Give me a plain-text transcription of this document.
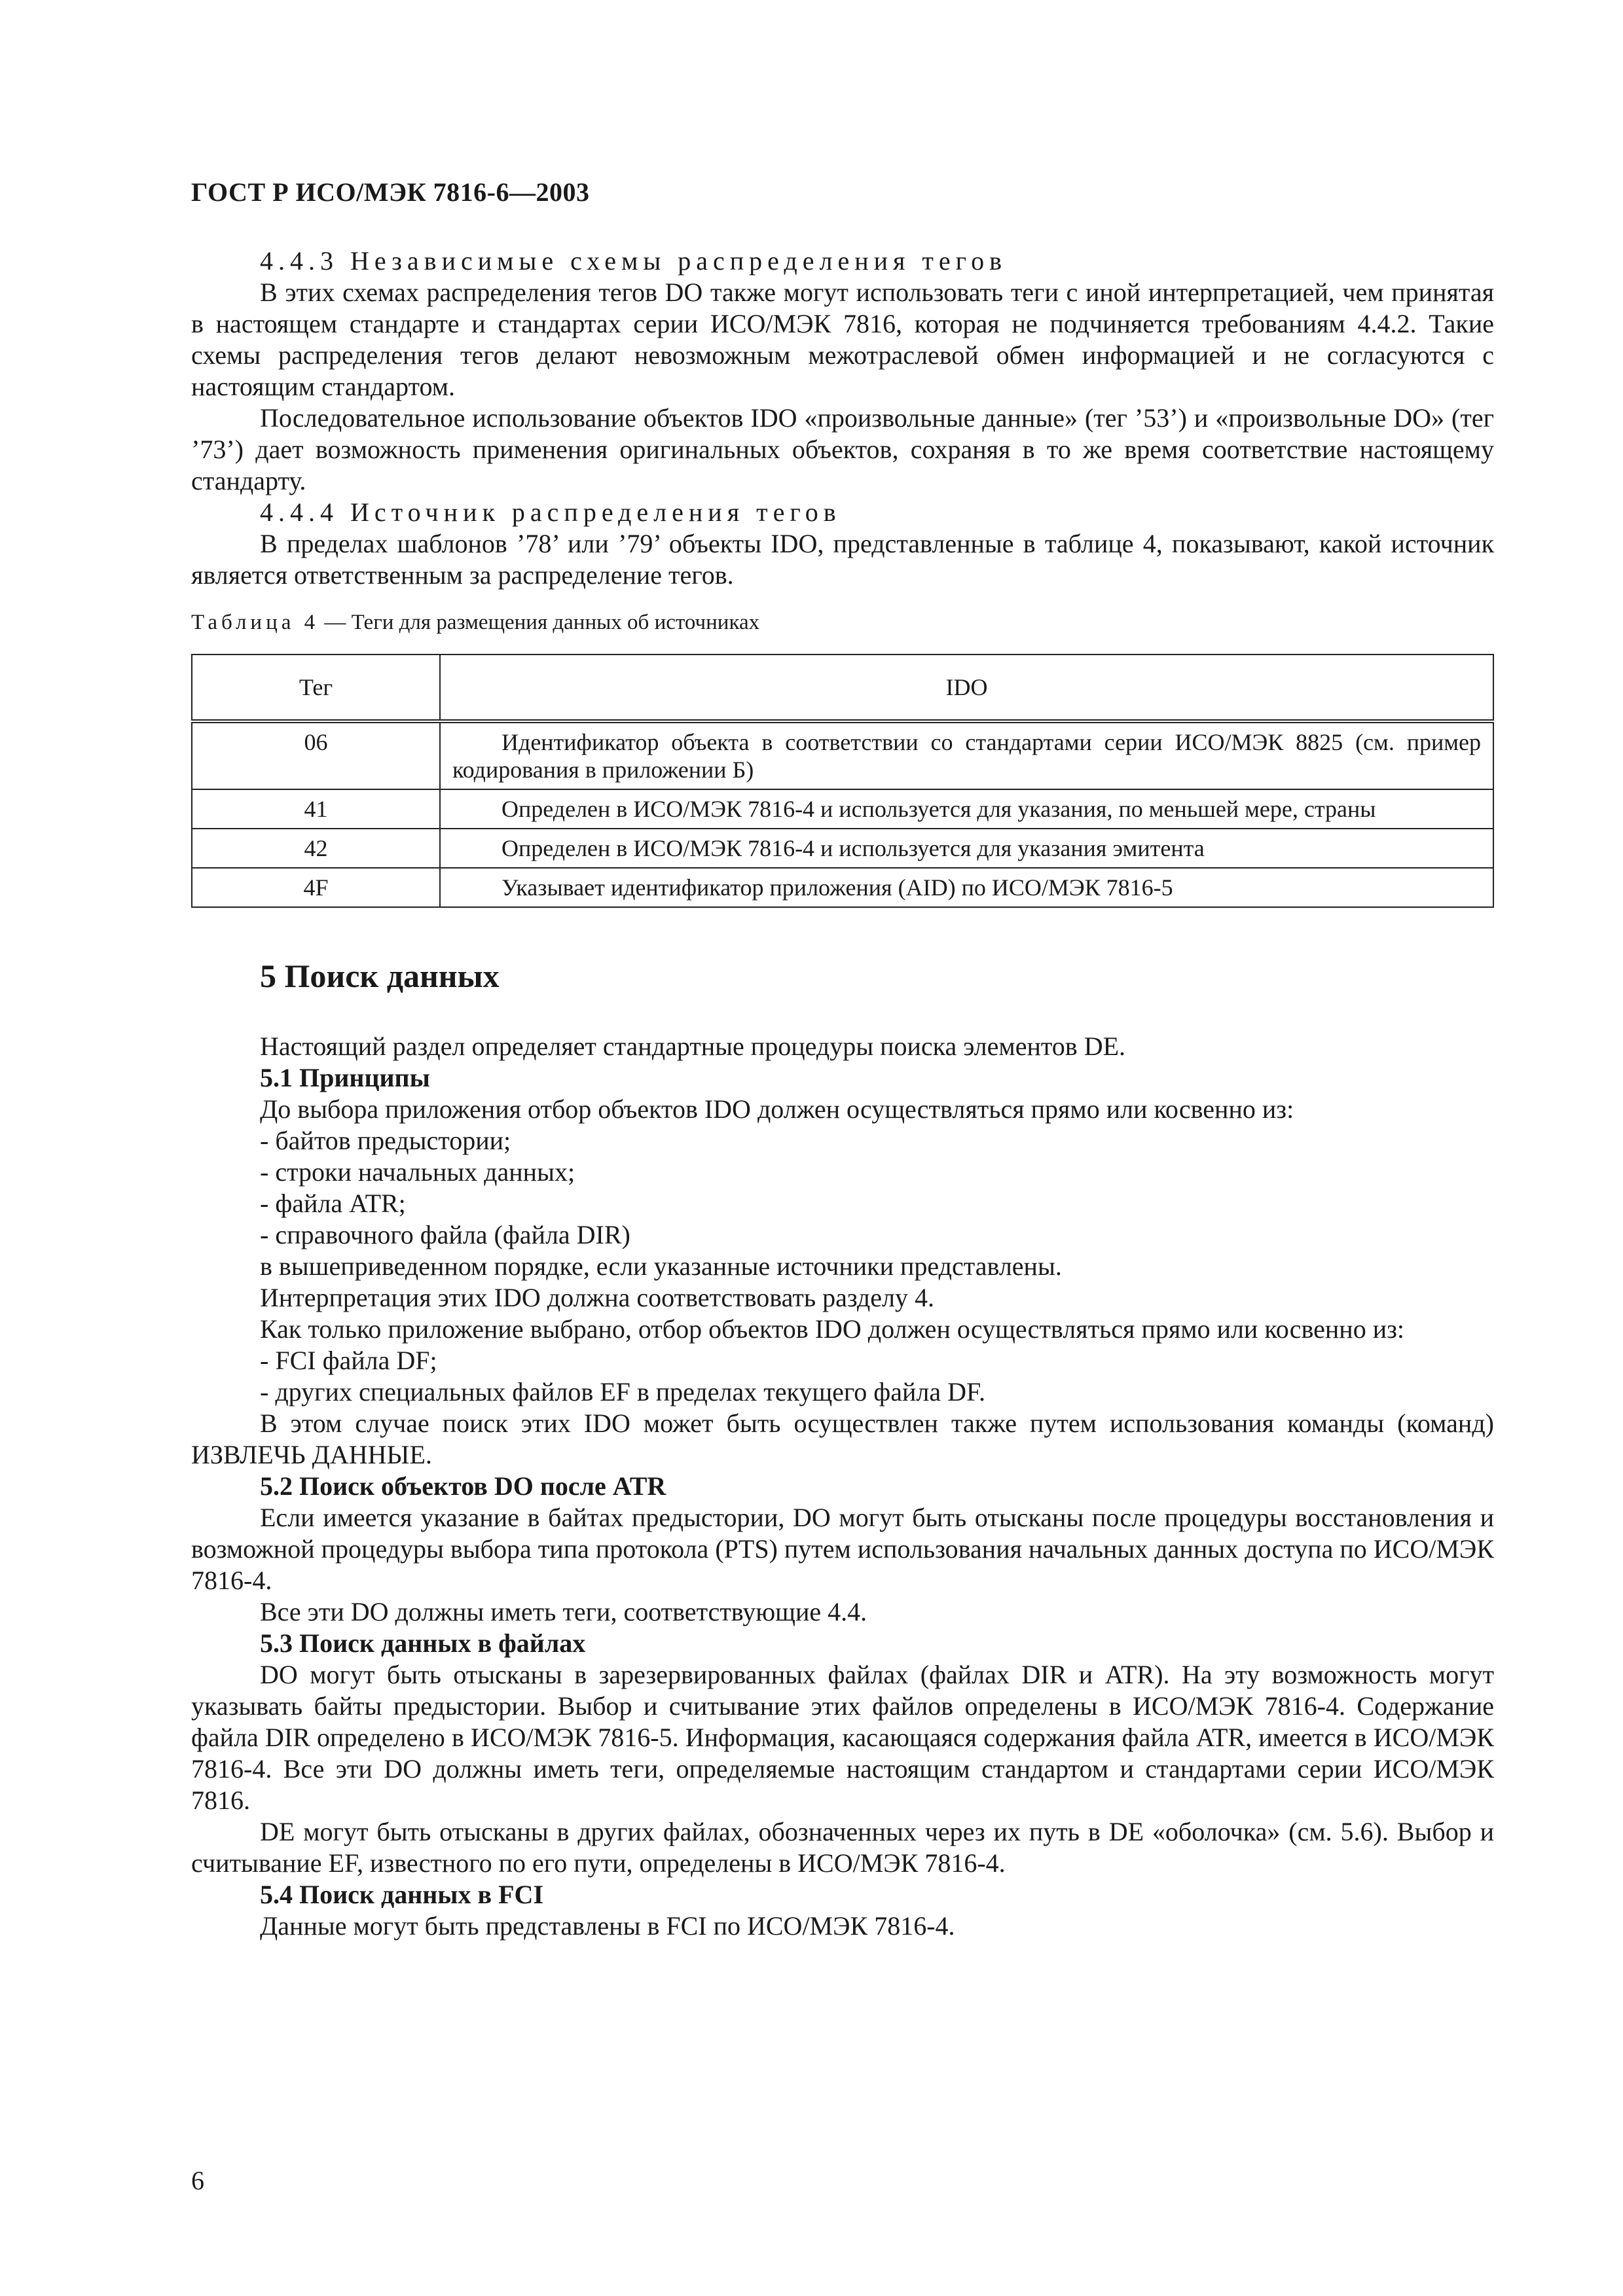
ГОСТ Р ИСО/МЭК 7816-6—2003

4.4.3 Независимые схемы распределения тегов

В этих схемах распределения тегов DO также могут использовать теги с иной интерпретацией, чем принятая в настоящем стандарте и стандартах серии ИСО/МЭК 7816, которая не подчиняется требованиям 4.4.2. Такие схемы распределения тегов делают невозможным межотраслевой обмен информацией и не согласуются с настоящим стандартом.

Последовательное использование объектов IDO «произвольные данные» (тег ’53’) и «произвольные DO» (тег ’73’) дает возможность применения оригинальных объектов, сохраняя в то же время соответствие настоящему стандарту.

4.4.4 Источник распределения тегов

В пределах шаблонов ’78’ или ’79’ объекты IDO, представленные в таблице 4, показывают, какой источник является ответственным за распределение тегов.

Таблица 4 — Теги для размещения данных об источниках
Тег	IDO
06	Идентификатор объекта в соответствии со стандартами серии ИСО/МЭК 8825 (см. пример кодирования в приложении Б)
41	Определен в ИСО/МЭК 7816-4 и используется для указания, по меньшей мере, страны
42	Определен в ИСО/МЭК 7816-4 и используется для указания эмитента
4F	Указывает идентификатор приложения (AID) по ИСО/МЭК 7816-5
5 Поиск данных

Настоящий раздел определяет стандартные процедуры поиска элементов DE.

5.1 Принципы

До выбора приложения отбор объектов IDO должен осуществляться прямо или косвенно из:

- байтов предыстории;

- строки начальных данных;

- файла ATR;

- справочного файла (файла DIR)

в вышеприведенном порядке, если указанные источники представлены.

Интерпретация этих IDO должна соответствовать разделу 4.

Как только приложение выбрано, отбор объектов IDO должен осуществляться прямо или косвенно из:

- FCI файла DF;

- других специальных файлов EF в пределах текущего файла DF.

В этом случае поиск этих IDO может быть осуществлен также путем использования команды (команд) ИЗВЛЕЧЬ ДАННЫЕ.

5.2 Поиск объектов DO после ATR

Если имеется указание в байтах предыстории, DO могут быть отысканы после процедуры восстановления и возможной процедуры выбора типа протокола (PTS) путем использования начальных данных доступа по ИСО/МЭК 7816-4.

Все эти DO должны иметь теги, соответствующие 4.4.

5.3 Поиск данных в файлах

DO могут быть отысканы в зарезервированных файлах (файлах DIR и ATR). На эту возможность могут указывать байты предыстории. Выбор и считывание этих файлов определены в ИСО/МЭК 7816-4. Содержание файла DIR определено в ИСО/МЭК 7816-5. Информация, касающаяся содержания файла ATR, имеется в ИСО/МЭК 7816-4. Все эти DO должны иметь теги, определяемые настоящим стандартом и стандартами серии ИСО/МЭК 7816.

DE могут быть отысканы в других файлах, обозначенных через их путь в DE «оболочка» (см. 5.6). Выбор и считывание EF, известного по его пути, определены в ИСО/МЭК 7816-4.

5.4 Поиск данных в FCI

Данные могут быть представлены в FCI по ИСО/МЭК 7816-4.

6
